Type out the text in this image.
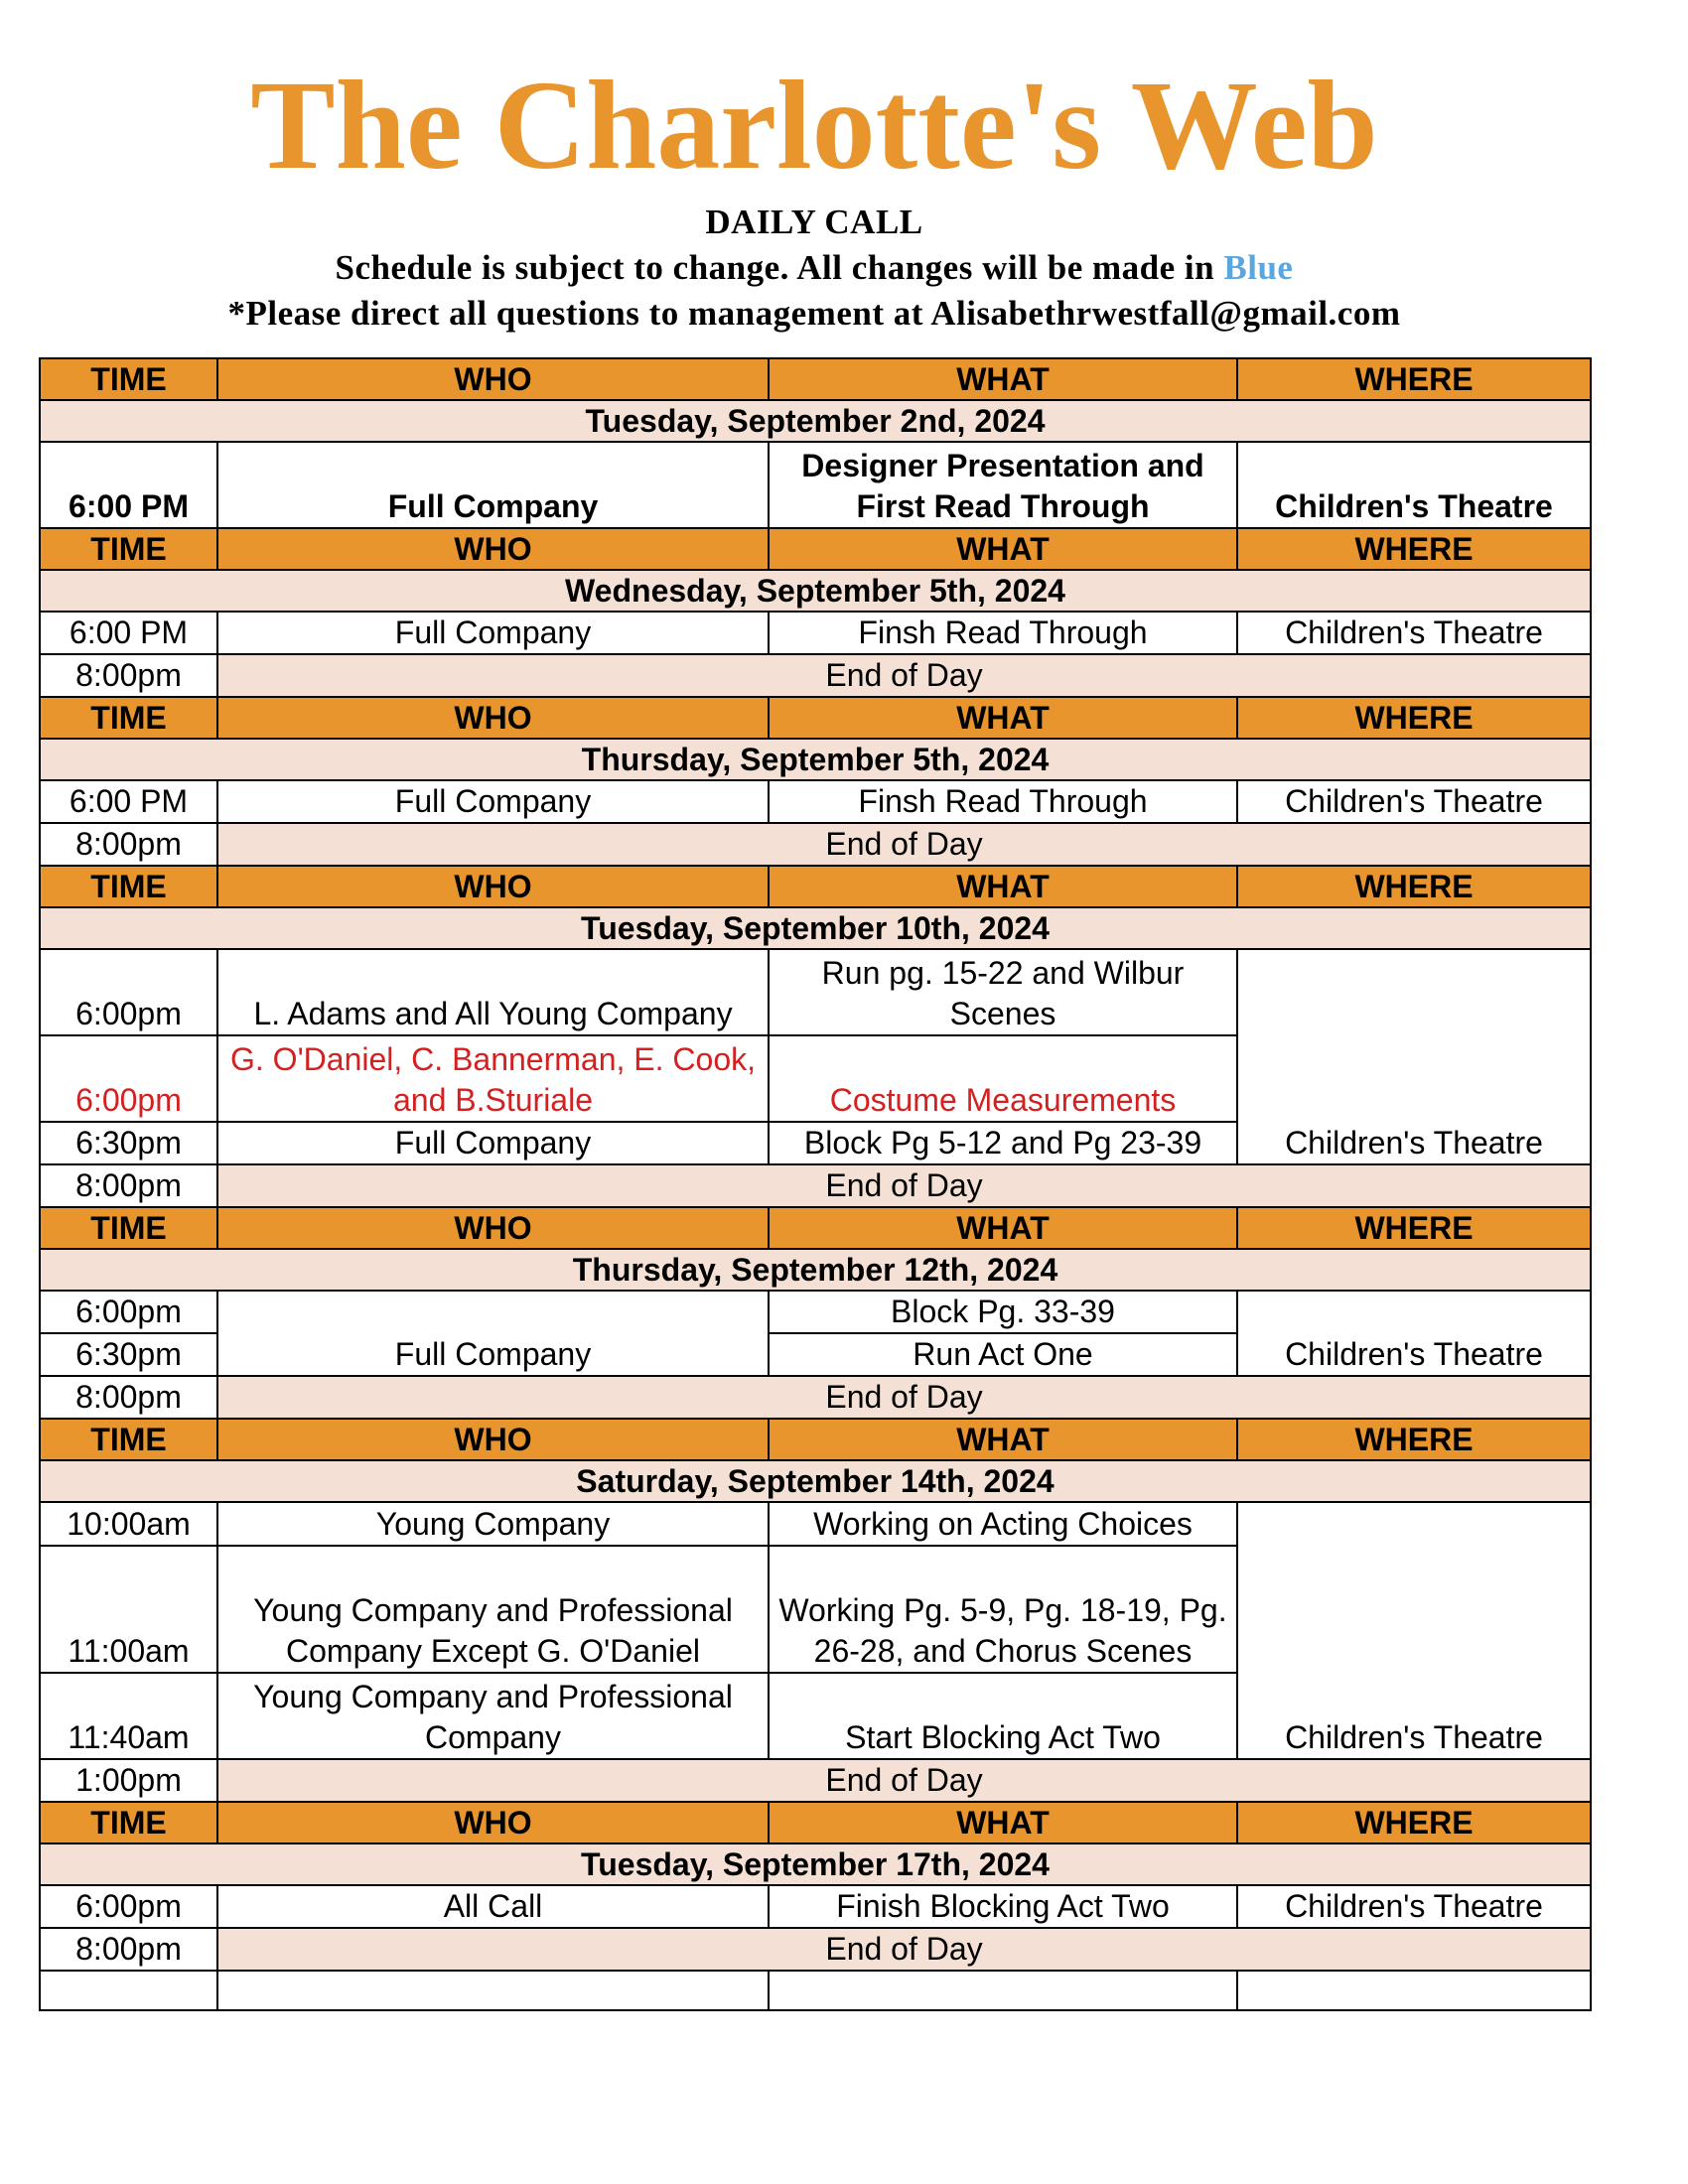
The Charlotte's Web
DAILY CALL
Schedule is subject to change. All changes will be made in Blue
*Please direct all questions to management at Alisabethrwestfall@gmail.com
TIME	WHO	WHAT	WHERE
Tuesday, September 2nd, 2024			
6:00 PM	Full Company	Designer Presentation and First Read Through	Children's Theatre
TIME	WHO	WHAT	WHERE
Wednesday, September 5th, 2024			
6:00 PM	Full Company	Finsh Read Through	Children's Theatre
8:00pm	End of Day		
TIME	WHO	WHAT	WHERE
Thursday, September 5th, 2024			
6:00 PM	Full Company	Finsh Read Through	Children's Theatre
8:00pm	End of Day		
TIME	WHO	WHAT	WHERE
Tuesday, September 10th, 2024			
6:00pm	L. Adams and All Young Company	Run pg. 15-22 and Wilbur Scenes	Children's Theatre
6:00pm	G. O'Daniel, C. Bannerman, E. Cook, and B.Sturiale	Costume Measurements	
6:30pm	Full Company	Block Pg 5-12 and Pg 23-39	
8:00pm	End of Day		
TIME	WHO	WHAT	WHERE
Thursday, September 12th, 2024			
6:00pm	Full Company	Block Pg. 33-39	Children's Theatre
6:30pm		Run Act One	
8:00pm	End of Day		
TIME	WHO	WHAT	WHERE
Saturday, September 14th, 2024			
10:00am	Young Company	Working on Acting Choices	Children's Theatre
11:00am	Young Company and Professional Company Except G. O'Daniel	Working Pg. 5-9, Pg. 18-19, Pg. 26-28, and Chorus Scenes	
11:40am	Young Company and Professional Company	Start Blocking Act Two	
1:00pm	End of Day		
TIME	WHO	WHAT	WHERE
Tuesday, September 17th, 2024			
6:00pm	All Call	Finish Blocking Act Two	Children's Theatre
8:00pm	End of Day		
